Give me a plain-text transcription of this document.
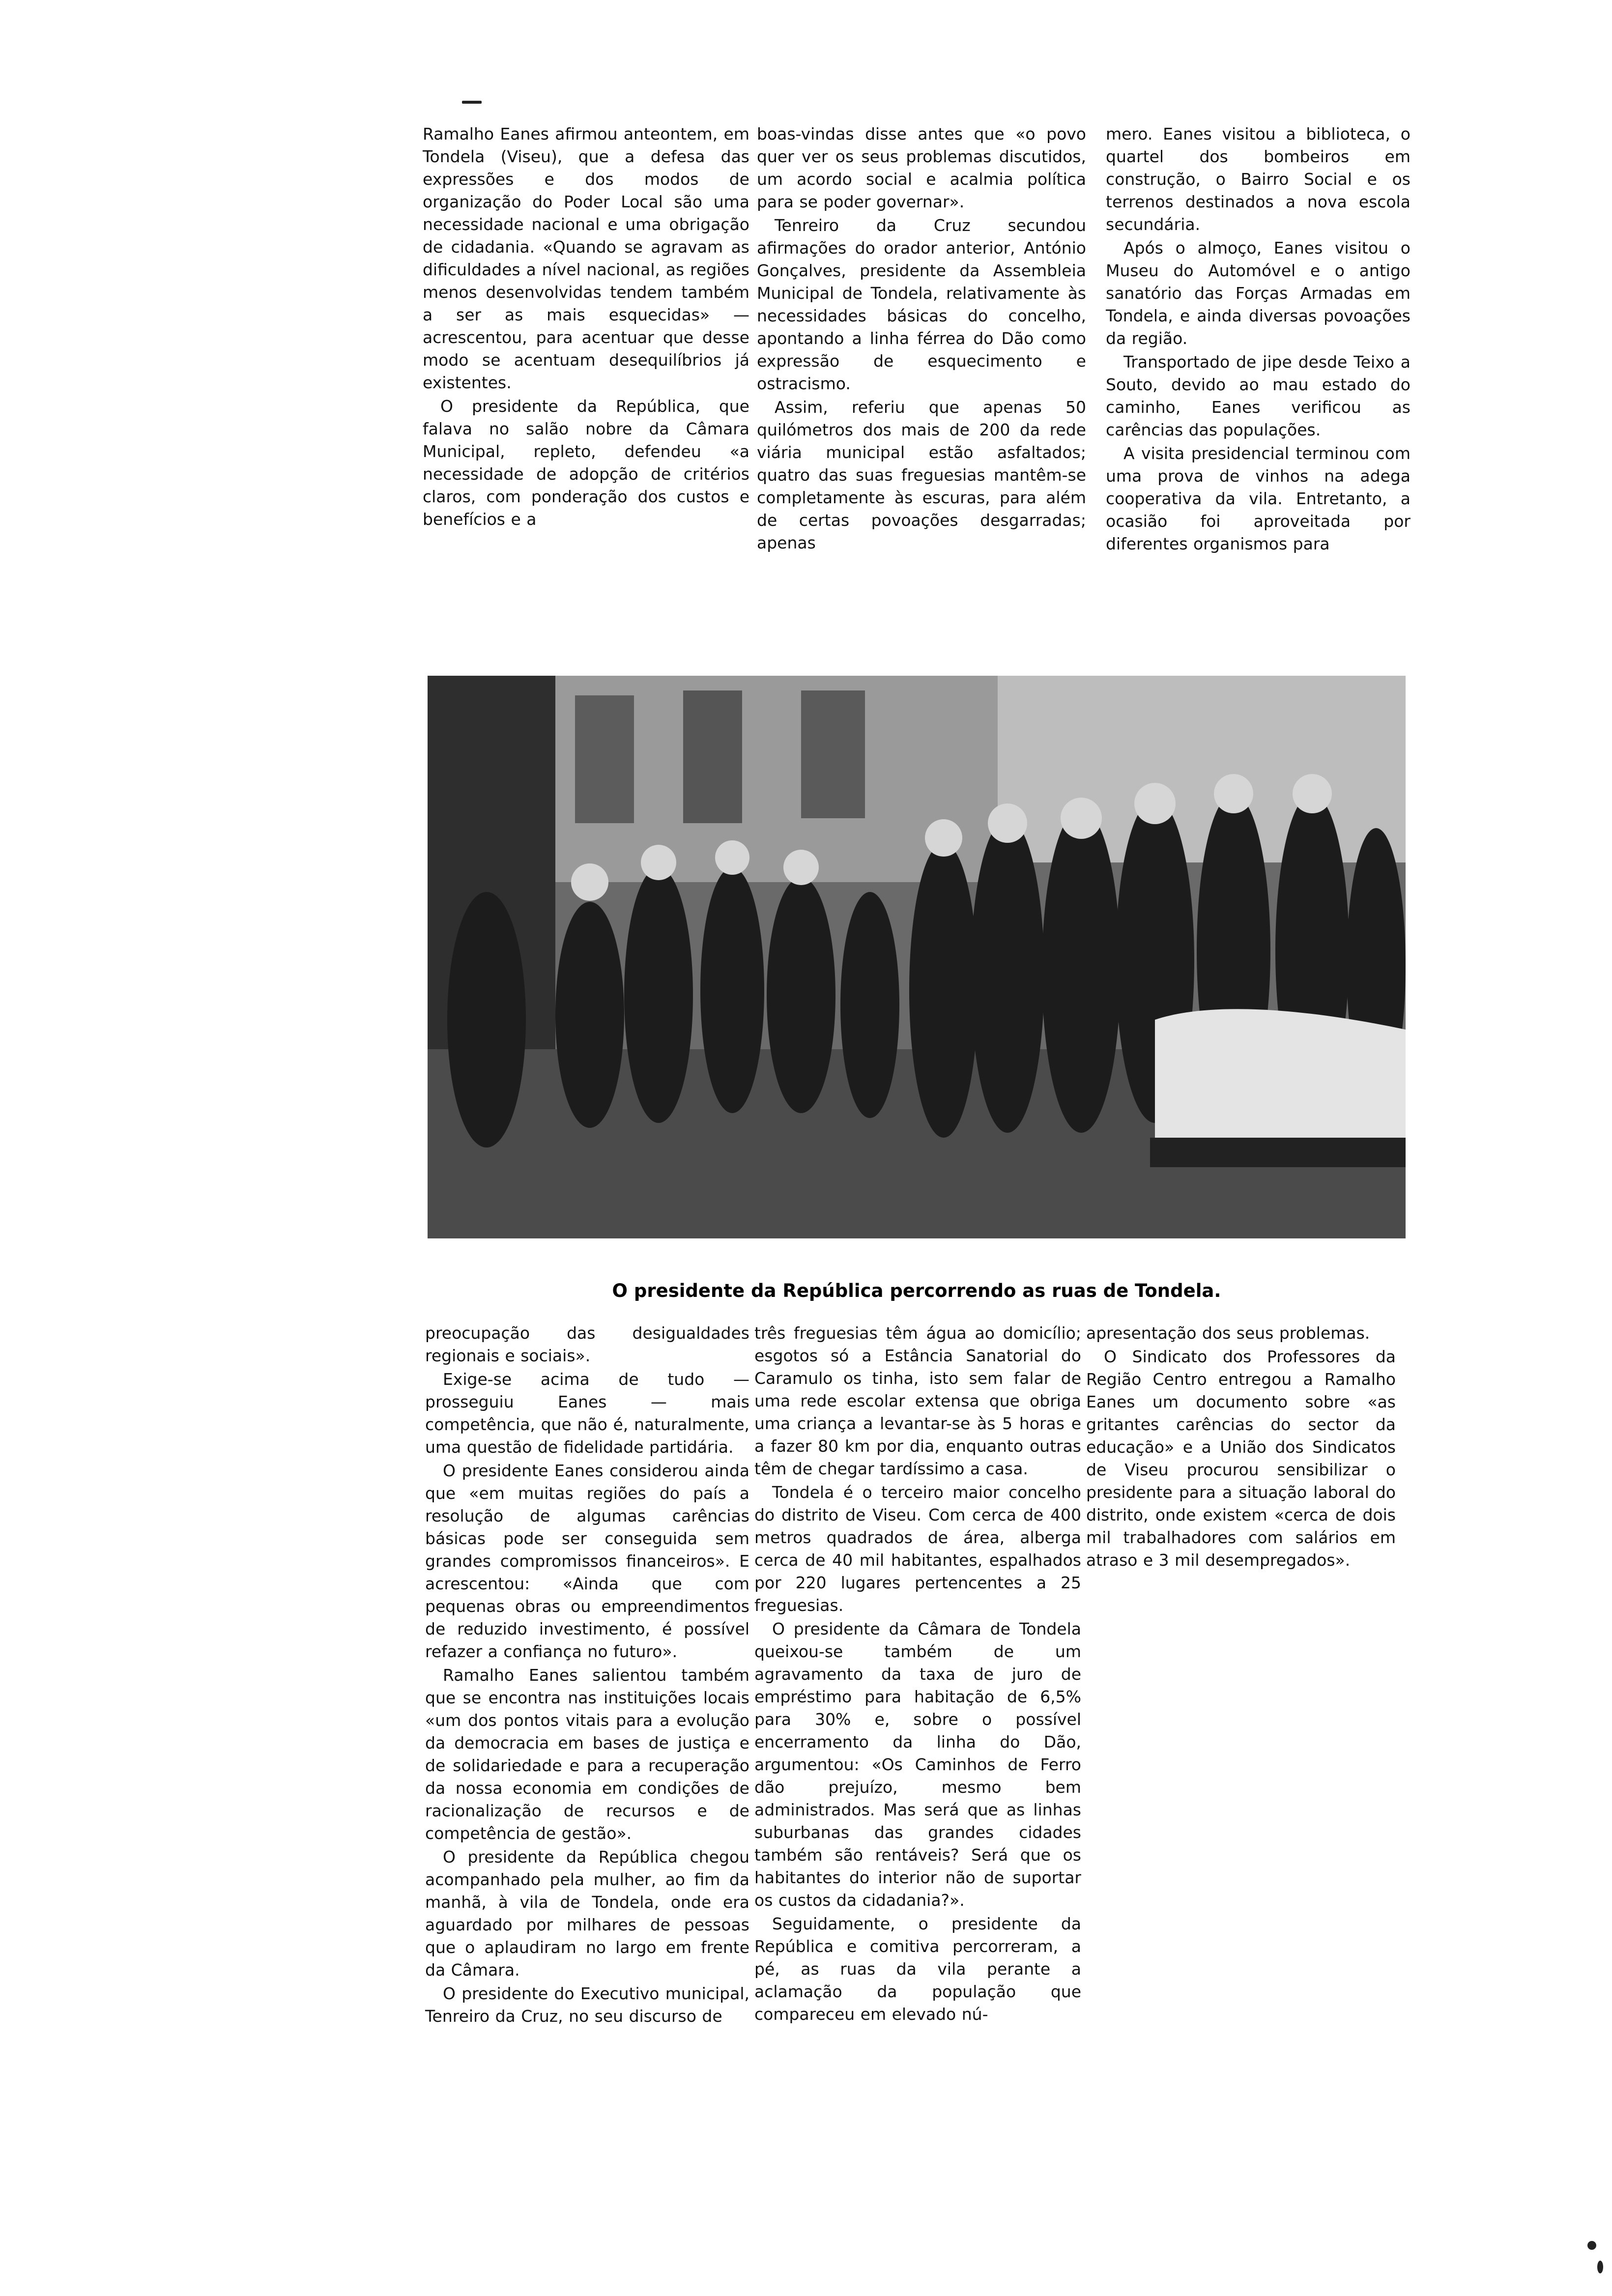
Ramalho Eanes afirmou anteontem, em Tondela (Viseu), que a defesa das expressões e dos modos de organização do Poder Local são uma necessidade nacional e uma obrigação de cidadania. «Quando se agravam as dificuldades a nível nacional, as regiões menos desenvolvidas tendem também a ser as mais esquecidas» — acrescentou, para acentuar que desse modo se acentuam desequilíbrios já existentes.

O presidente da República, que falava no salão nobre da Câmara Municipal, repleto, defendeu «a necessidade de adopção de critérios claros, com ponderação dos custos e benefícios e a

boas-vindas disse antes que «o povo quer ver os seus problemas discutidos, um acordo social e acalmia política para se poder governar».

Tenreiro da Cruz secundou afirmações do orador anterior, António Gonçalves, presidente da Assembleia Municipal de Tondela, relativamente às necessidades básicas do concelho, apontando a linha férrea do Dão como expressão de esquecimento e ostracismo.

Assim, referiu que apenas 50 quilómetros dos mais de 200 da rede viária municipal estão asfaltados; quatro das suas freguesias mantêm-se completamente às escuras, para além de certas povoações desgarradas; apenas

mero. Eanes visitou a biblioteca, o quartel dos bombeiros em construção, o Bairro Social e os terrenos destinados a nova escola secundária.

Após o almoço, Eanes visitou o Museu do Automóvel e o antigo sanatório das Forças Armadas em Tondela, e ainda diversas povoações da região.

Transportado de jipe desde Teixo a Souto, devido ao mau estado do caminho, Eanes verificou as carências das populações.

A visita presidencial terminou com uma prova de vinhos na adega cooperativa da vila. Entretanto, a ocasião foi aproveitada por diferentes organismos para

O presidente da República percorrendo as ruas de Tondela.

preocupação das desigualdades regionais e sociais».

Exige-se acima de tudo — prosseguiu Eanes — mais competência, que não é, naturalmente, uma questão de fidelidade partidária.

O presidente Eanes considerou ainda que «em muitas regiões do país a resolução de algumas carências básicas pode ser conseguida sem grandes compromissos financeiros». E acrescentou: «Ainda que com pequenas obras ou empreendimentos de reduzido investimento, é possível refazer a confiança no futuro».

Ramalho Eanes salientou também que se encontra nas instituições locais «um dos pontos vitais para a evolução da democracia em bases de justiça e de solidariedade e para a recuperação da nossa economia em condições de racionalização de recursos e de competência de gestão».

O presidente da República chegou acompanhado pela mulher, ao fim da manhã, à vila de Tondela, onde era aguardado por milhares de pessoas que o aplaudiram no largo em frente da Câmara.

O presidente do Executivo municipal, Tenreiro da Cruz, no seu discurso de

três freguesias têm água ao domicílio; esgotos só a Estância Sanatorial do Caramulo os tinha, isto sem falar de uma rede escolar extensa que obriga uma criança a levantar-se às 5 horas e a fazer 80 km por dia, enquanto outras têm de chegar tardíssimo a casa.

Tondela é o terceiro maior concelho do distrito de Viseu. Com cerca de 400 metros quadrados de área, alberga cerca de 40 mil habitantes, espalhados por 220 lugares pertencentes a 25 freguesias.

O presidente da Câmara de Tondela queixou-se também de um agravamento da taxa de juro de empréstimo para habitação de 6,5% para 30% e, sobre o possível encerramento da linha do Dão, argumentou: «Os Caminhos de Ferro dão prejuízo, mesmo bem administrados. Mas será que as linhas suburbanas das grandes cidades também são rentáveis? Será que os habitantes do interior não de suportar os custos da cidadania?».

Seguidamente, o presidente da República e comitiva percorreram, a pé, as ruas da vila perante a aclamação da população que compareceu em elevado nú-

apresentação dos seus problemas.

O Sindicato dos Professores da Região Centro entregou a Ramalho Eanes um documento sobre «as gritantes carências do sector da educação» e a União dos Sindicatos de Viseu procurou sensibilizar o presidente para a situação laboral do distrito, onde existem «cerca de dois mil trabalhadores com salários em atraso e 3 mil desempregados».
